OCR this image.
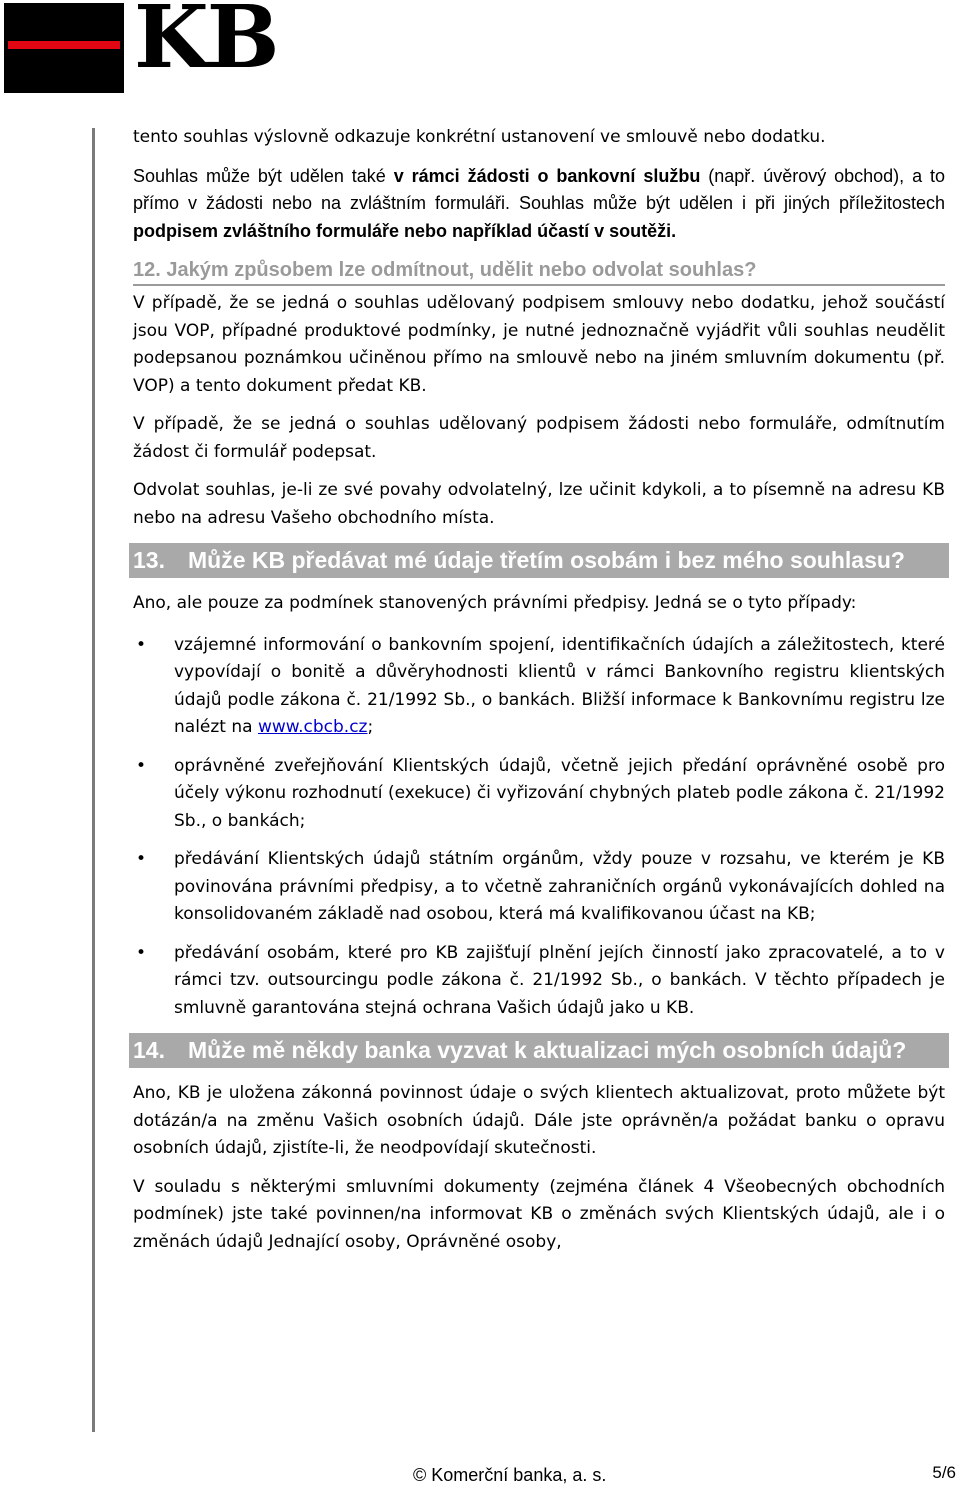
KB

tento souhlas výslovně odkazuje konkrétní ustanovení ve smlouvě nebo dodatku.

Souhlas může být udělen také v rámci žádosti o bankovní službu (např. úvěrový obchod), a to přímo v žádosti nebo na zvláštním formuláři. Souhlas může být udělen i při jiných příležitostech podpisem zvláštního formuláře nebo například účastí v soutěži.

12. Jakým způsobem lze odmítnout, udělit nebo odvolat souhlas?

V případě, že se jedná o souhlas udělovaný podpisem smlouvy nebo dodatku, jehož součástí jsou VOP, případné produktové podmínky, je nutné jednoznačně vyjádřit vůli souhlas neudělit podepsanou poznámkou učiněnou přímo na smlouvě nebo na jiném smluvním dokumentu (př. VOP) a tento dokument předat KB.

V případě, že se jedná o souhlas udělovaný podpisem žádosti nebo formuláře, odmítnutím žádost či formulář podepsat.

Odvolat souhlas, je-li ze své povahy odvolatelný, lze učinit kdykoli, a to písemně na adresu KB nebo na adresu Vašeho obchodního místa.

13. Může KB předávat mé údaje třetím osobám i bez mého souhlasu?

Ano, ale pouze za podmínek stanovených právními předpisy. Jedná se o tyto případy:

• vzájemné informování o bankovním spojení, identifikačních údajích a záležitostech, které vypovídají o bonitě a důvěryhodnosti klientů v rámci Bankovního registru klientských údajů podle zákona č. 21/1992 Sb., o bankách. Bližší informace k Bankovnímu registru lze nalézt na www.cbcb.cz;
• oprávněné zveřejňování Klientských údajů, včetně jejich předání oprávněné osobě pro účely výkonu rozhodnutí (exekuce) či vyřizování chybných plateb podle zákona č. 21/1992 Sb., o bankách;
• předávání Klientských údajů státním orgánům, vždy pouze v rozsahu, ve kterém je KB povinována právními předpisy, a to včetně zahraničních orgánů vykonávajících dohled na konsolidovaném základě nad osobou, která má kvalifikovanou účast na KB;
• předávání osobám, které pro KB zajišťují plnění jejích činností jako zpracovatelé, a to v rámci tzv. outsourcingu podle zákona č. 21/1992 Sb., o bankách. V těchto případech je smluvně garantována stejná ochrana Vašich údajů jako u KB.
14. Může mě někdy banka vyzvat k aktualizaci mých osobních údajů?

Ano, KB je uložena zákonná povinnost údaje o svých klientech aktualizovat, proto můžete být dotázán/a na změnu Vašich osobních údajů. Dále jste oprávněn/a požádat banku o opravu osobních údajů, zjistíte-li, že neodpovídají skutečnosti.

V souladu s některými smluvními dokumenty (zejména článek 4 Všeobecných obchodních podmínek) jste také povinnen/na informovat KB o změnách svých Klientských údajů, ale i o změnách údajů Jednající osoby, Oprávněné osoby,

© Komerční banka, a. s.	5/6
